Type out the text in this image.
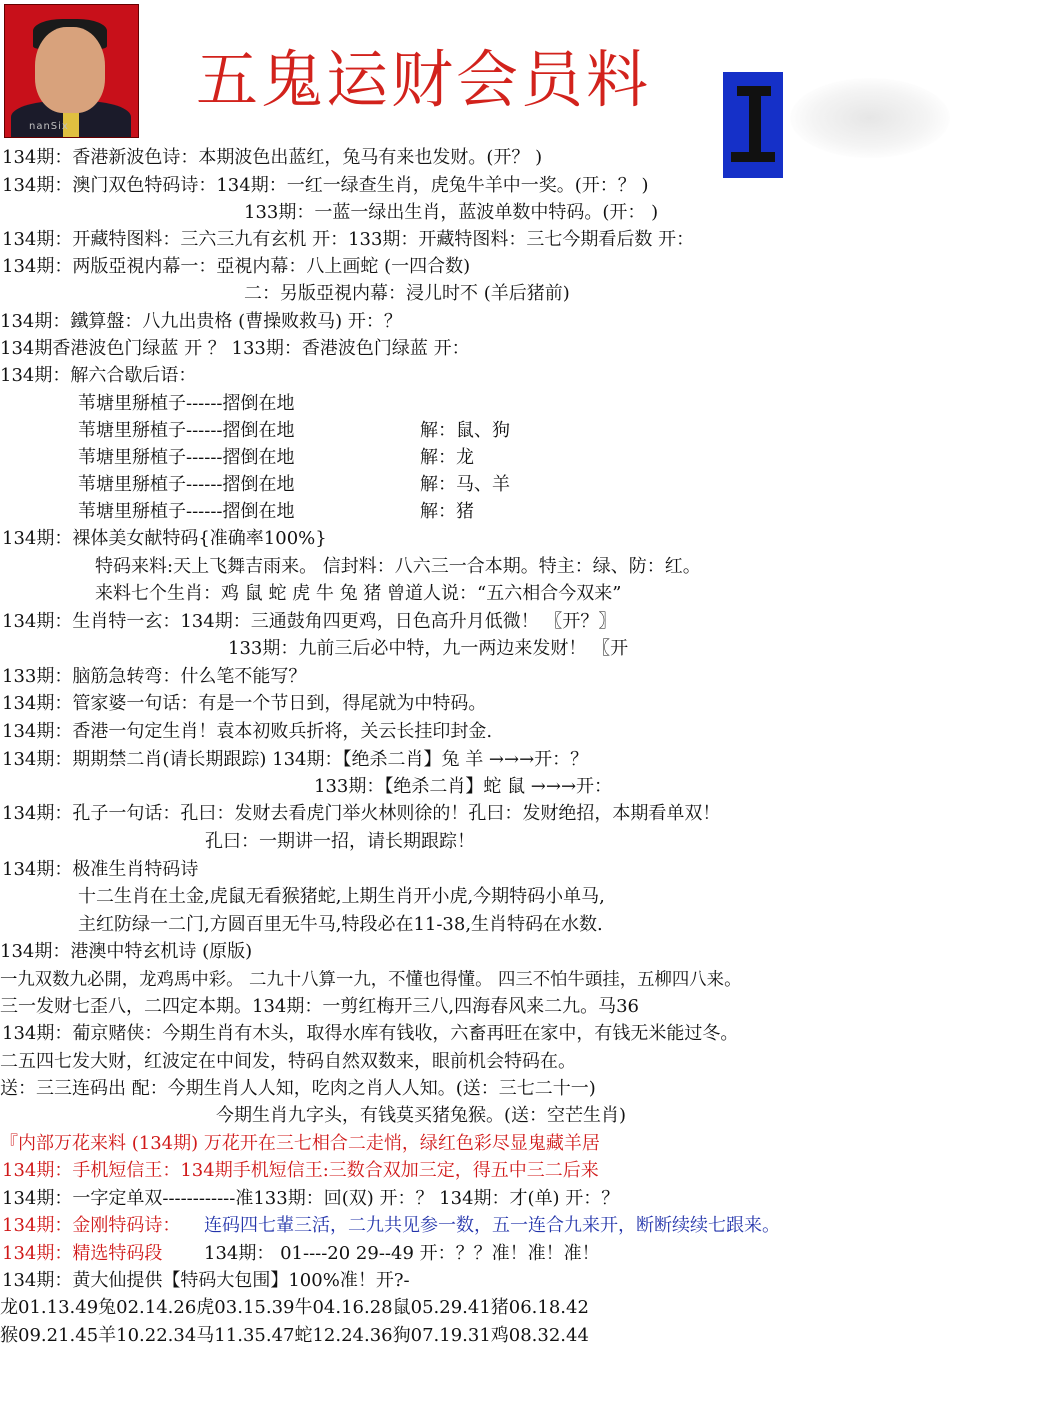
nanSix
五鬼运财会员料
134期：香港新波色诗：本期波色出蓝红，兔马有来也发财。(开？ )
134期：澳门双色特码诗：134期：一红一绿查生肖，虎兔牛羊中一奖。(开：？ )
133期：一蓝一绿出生肖，蓝波单数中特码。(开： )
134期：开藏特图料：三六三九有玄机 开：133期：开藏特图料：三七今期看后数 开：
134期：两版亞視内幕一：亞視内幕：八上画蛇 (一四合数)
二：另版亞視内幕：浸儿时不 (羊后猪前)
134期：鐵算盤：八九出贵格 (曹操败救马) 开：？
134期香港波色门绿蓝 开 ？ 133期：香港波色门绿蓝 开：
134期：解六合歇后语：
苇塘里掰植子------摺倒在地
苇塘里掰植子------摺倒在地	解：鼠、狗
苇塘里掰植子------摺倒在地	解：龙
苇塘里掰植子------摺倒在地	解：马、羊
苇塘里掰植子------摺倒在地	解：猪
134期：裸体美女献特码{准确率100%}
特码来料:天上飞舞吉雨来。 信封料：八六三一合本期。特主：绿、防：红。
来料七个生肖：鸡 鼠 蛇 虎 牛 兔 猪 曾道人说：“五六相合今双来”
134期：生肖特一玄：134期：三通鼓角四更鸡，日色高升月低微！ 〖开？〗
133期：九前三后必中特，九一两边来发财！ 〖开
133期：脑筋急转弯：什么笔不能写？
134期：管家婆一句话：有是一个节日到，得尾就为中特码。
134期：香港一句定生肖！袁本初败兵折将，关云长挂印封金.
134期：期期禁二肖(请长期跟踪) 134期：【绝杀二肖】兔 羊 →→→开：？
133期：【绝杀二肖】蛇 鼠 →→→开：
134期：孔子一句话：孔曰：发财去看虎门举火林则徐的！孔曰：发财绝招，本期看单双！
孔曰：一期讲一招，请长期跟踪！
134期：极准生肖特码诗
十二生肖在土金,虎鼠无看猴猪蛇,上期生肖开小虎,今期特码小单马,
主红防绿一二门,方圆百里无牛马,特段必在11-38,生肖特码在水数.
134期：港澳中特玄机诗 (原版)
一九双数九必開，龙鸡馬中彩。 二九十八算一九，不懂也得懂。 四三不怕牛頭挂，五柳四八来。
三一发财七歪八，二四定本期。134期：一剪红梅开三八,四海春风来二九。马36
134期：葡京赌侠：今期生肖有木头，取得水库有钱收，六畜再旺在家中，有钱无米能过冬。
二五四七发大财，红波定在中间发，特码自然双数来，眼前机会特码在。
送：三三连码出 配：今期生肖人人知，吃肉之肖人人知。(送：三七二十一)
今期生肖九字头，有钱莫买猪兔猴。(送：空芒生肖)
『内部万花来料 (134期) 万花开在三七相合二走悄，绿红色彩尽显鬼藏羊居
134期：手机短信王：134期手机短信王:三数合双加三定，得五中三二后来
134期：一字定单双------------准133期：回(双) 开：？ 134期：才(单) 开：？
134期：金刚特码诗： 连码四七輩三活，二九共见参一数，五一连合九来开，断断续续七跟来。
134期：精选特码段 134期： 01----20 29--49 开：？？准！准！准！
134期：黄大仙提供【特码大包围】100%准！开?-
龙01.13.49兔02.14.26虎03.15.39牛04.16.28鼠05.29.41猪06.18.42
猴09.21.45羊10.22.34马11.35.47蛇12.24.36狗07.19.31鸡08.32.44
